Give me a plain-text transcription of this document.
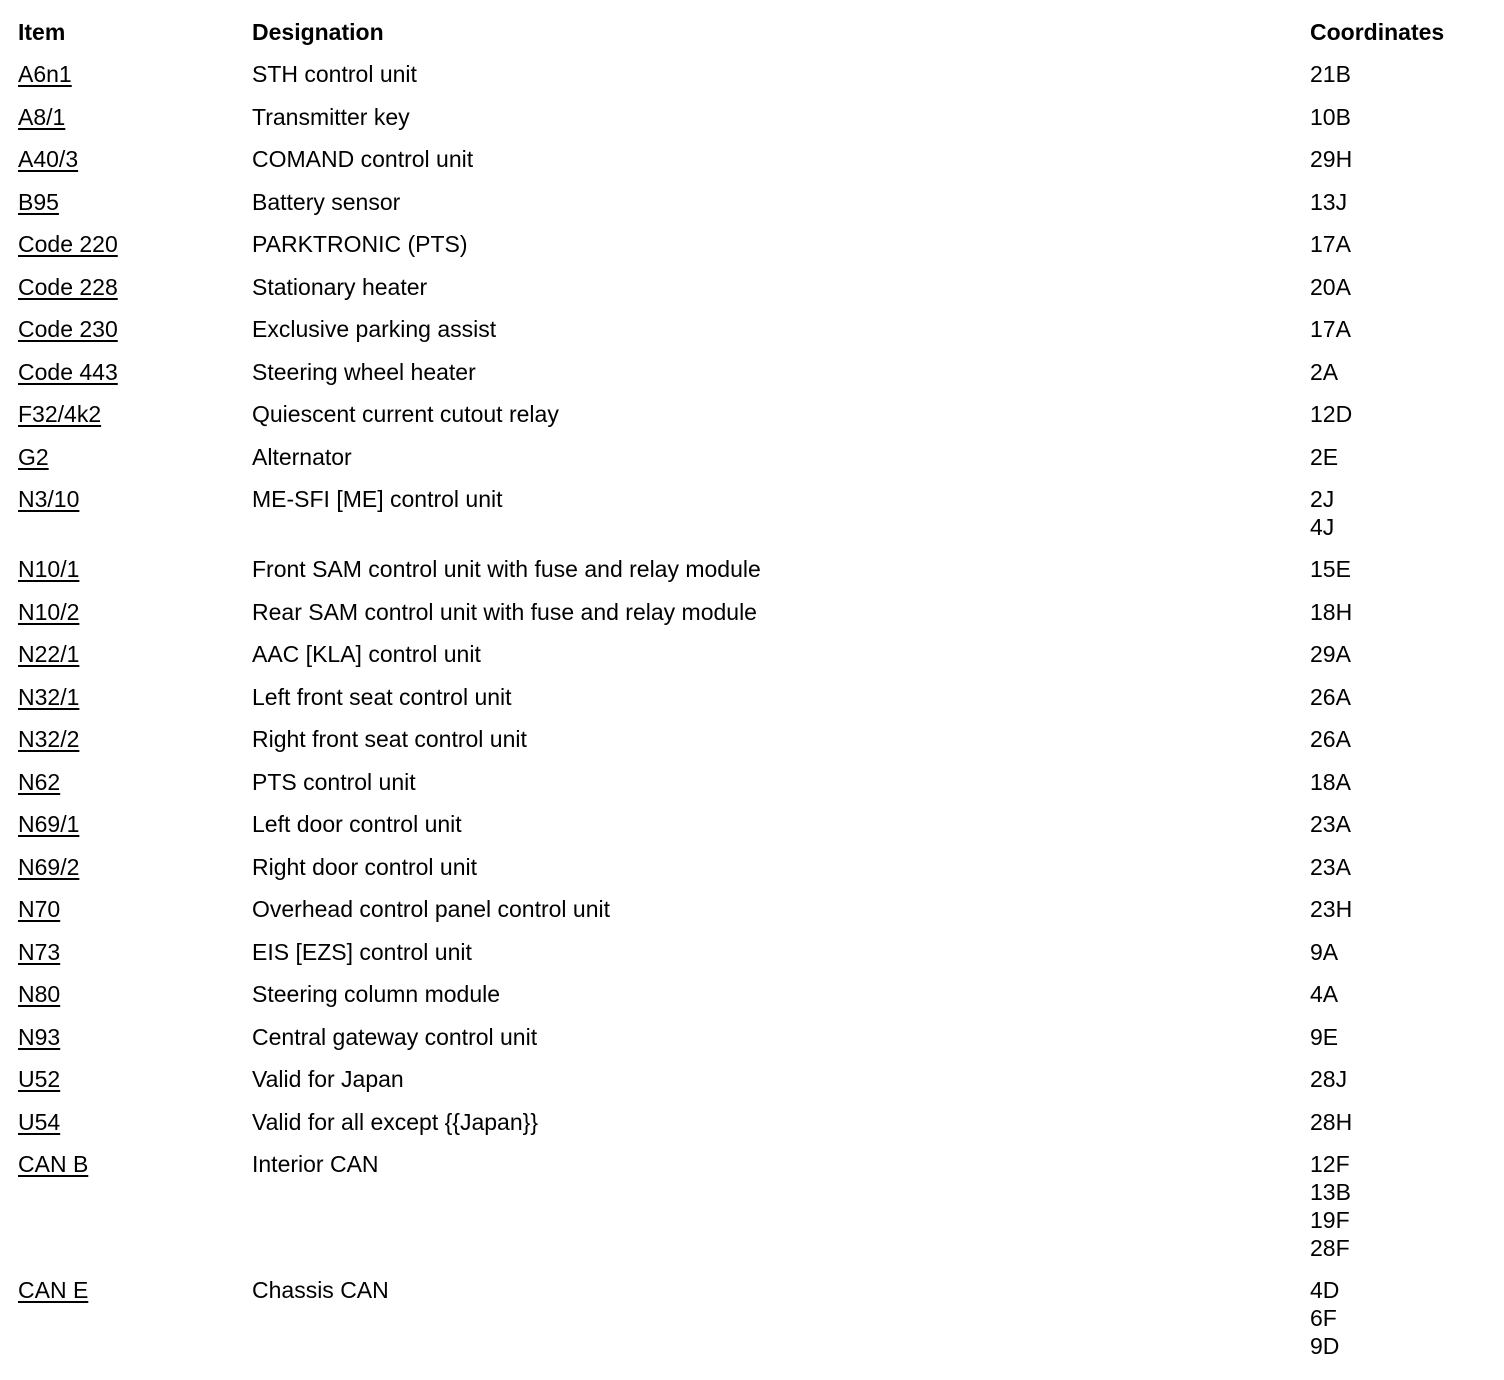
Item	Designation	Coordinates
A6n1	STH control unit	21B
A8/1	Transmitter key	10B
A40/3	COMAND control unit	29H
B95	Battery sensor	13J
Code 220	PARKTRONIC (PTS)	17A
Code 228	Stationary heater	20A
Code 230	Exclusive parking assist	17A
Code 443	Steering wheel heater	2A
F32/4k2	Quiescent current cutout relay	12D
G2	Alternator	2E
N3/10	ME-SFI [ME] control unit	2J
4J
N10/1	Front SAM control unit with fuse and relay module	15E
N10/2	Rear SAM control unit with fuse and relay module	18H
N22/1	AAC [KLA] control unit	29A
N32/1	Left front seat control unit	26A
N32/2	Right front seat control unit	26A
N62	PTS control unit	18A
N69/1	Left door control unit	23A
N69/2	Right door control unit	23A
N70	Overhead control panel control unit	23H
N73	EIS [EZS] control unit	9A
N80	Steering column module	4A
N93	Central gateway control unit	9E
U52	Valid for Japan	28J
U54	Valid for all except {{Japan}}	28H
CAN B	Interior CAN	12F
13B
19F
28F
CAN E	Chassis CAN	4D
6F
9D
